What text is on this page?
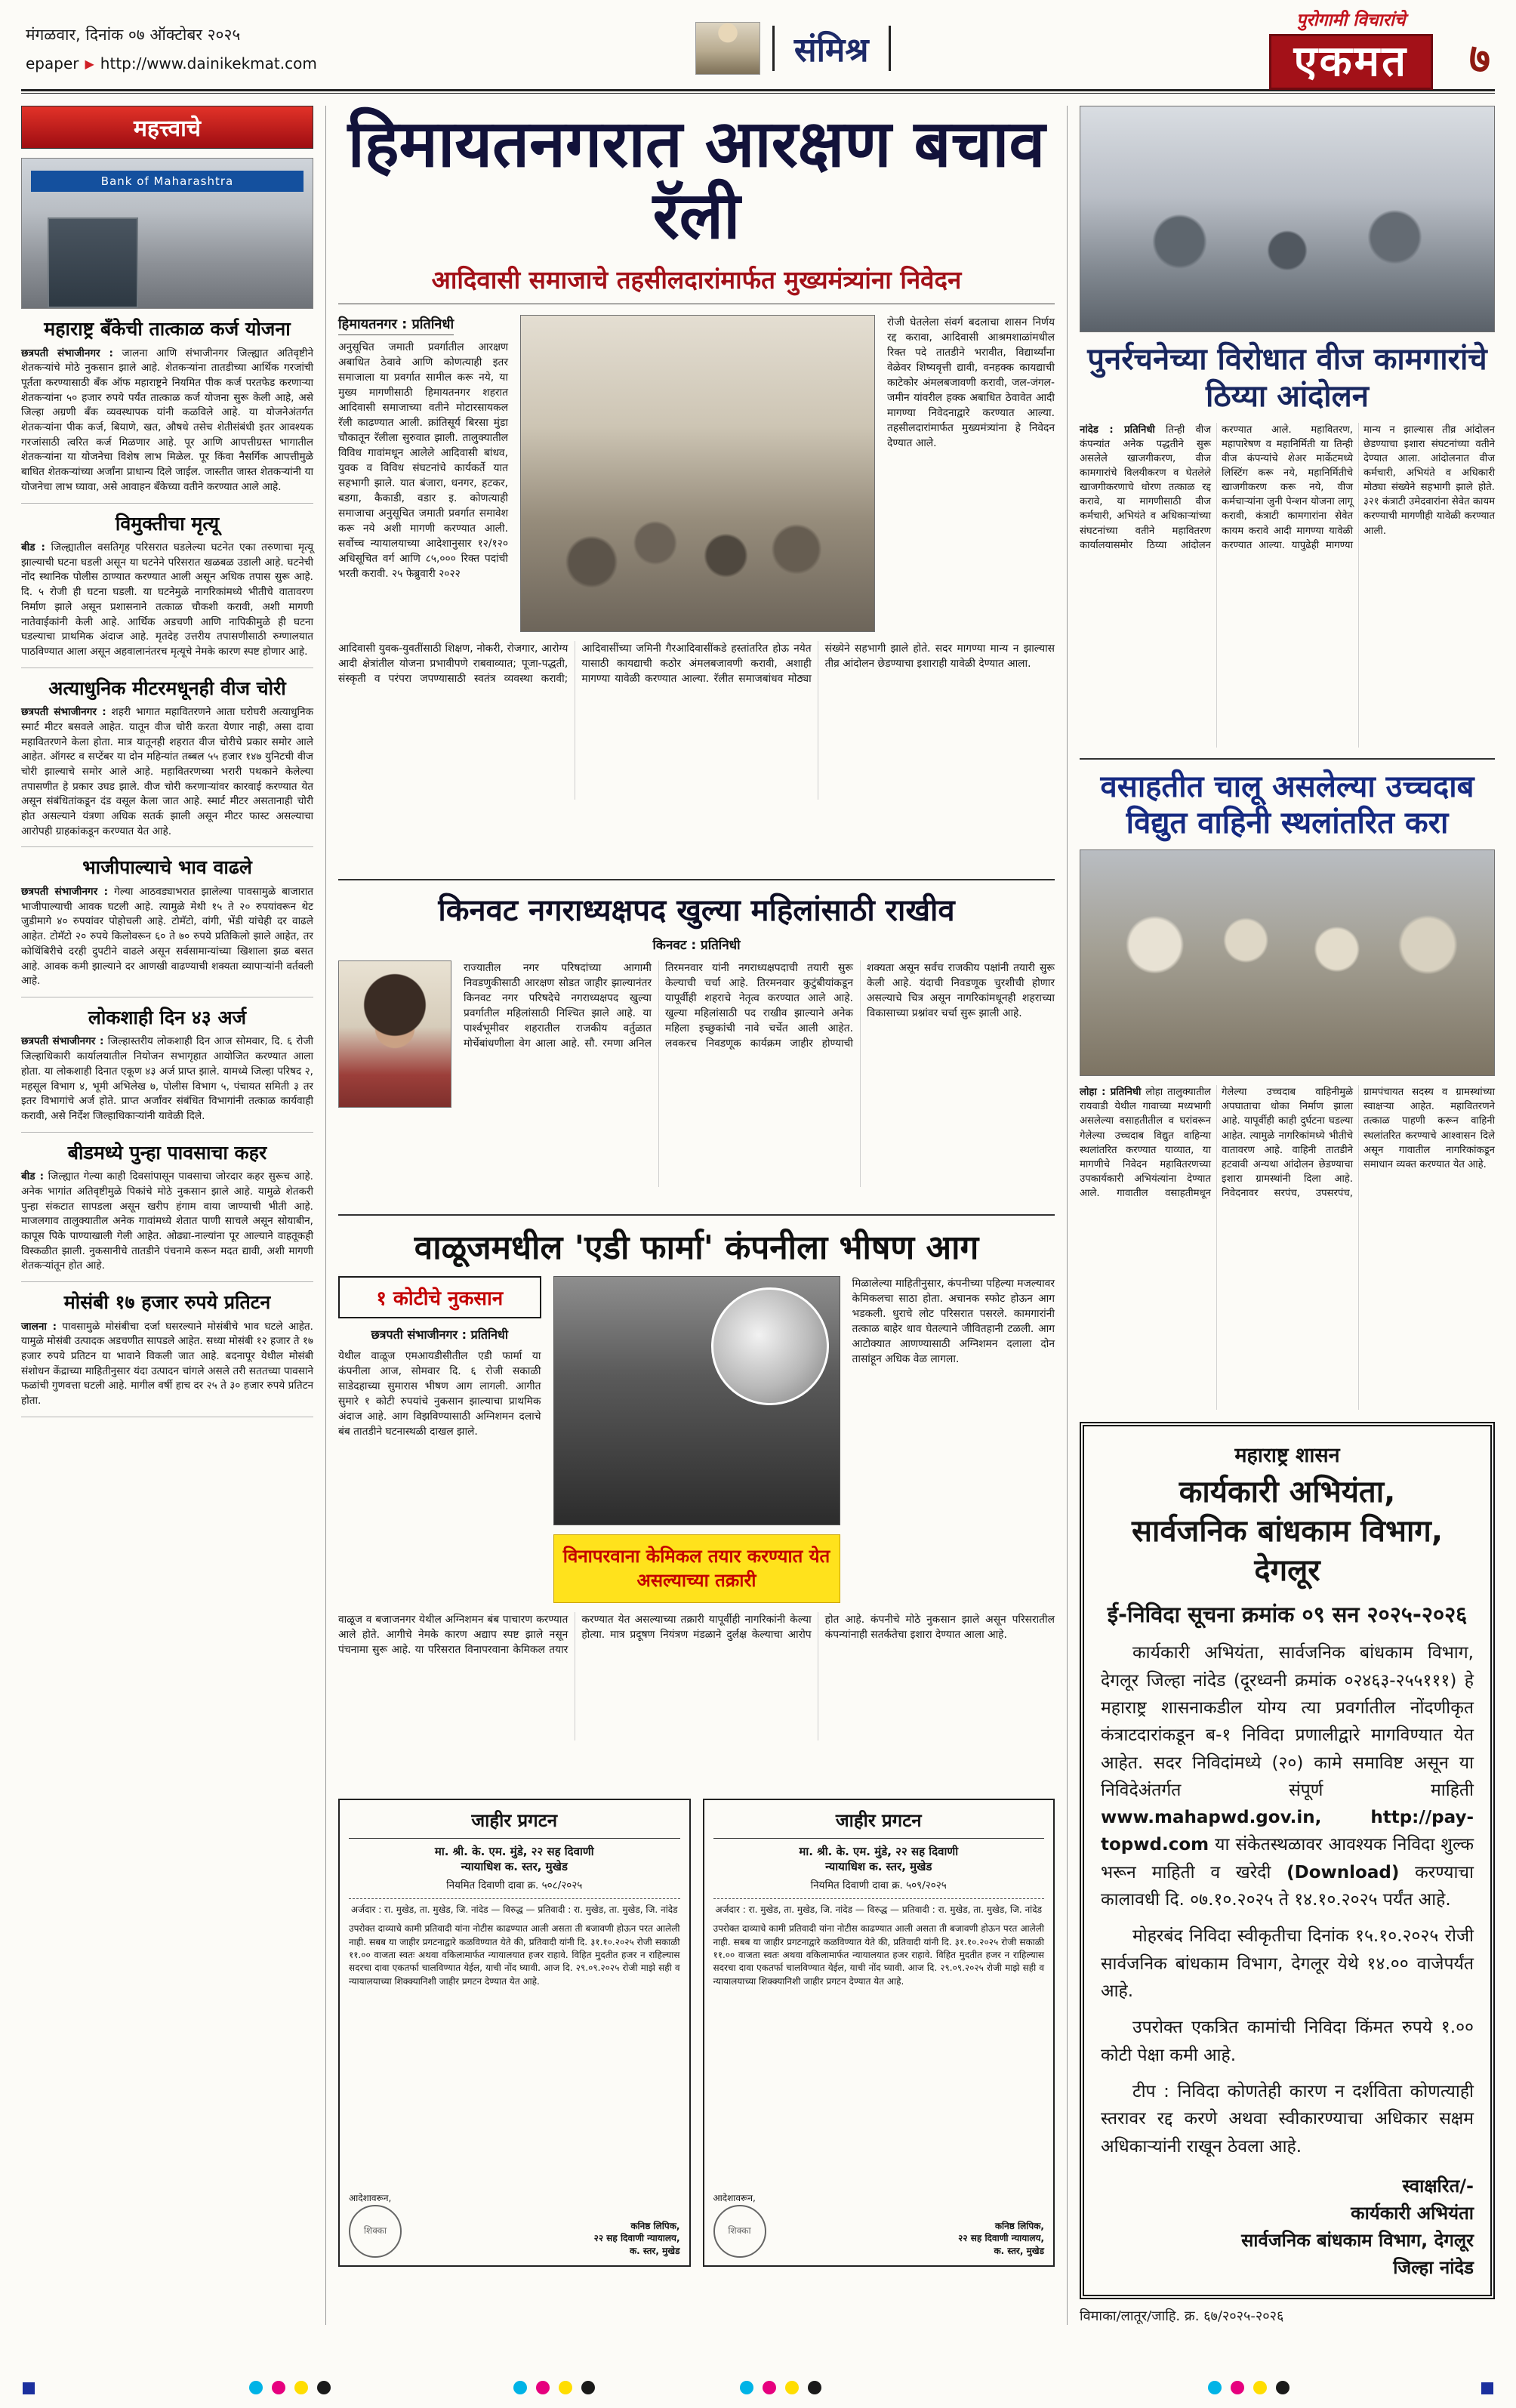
मंगळवार, दिनांक ०७ ऑक्टोबर २०२५
epaper ▶ http://www.dainikekmat.com	संमिश्र
पुरोगामी विचारांचे
एकमत	७
महत्त्वाचे
Bank of Maharashtra
महाराष्ट्र बँकेची तात्काळ कर्ज योजना

छत्रपती संभाजीनगर : जालना आणि संभाजीनगर जिल्ह्यात अतिवृष्टीने शेतकऱ्यांचे मोठे नुकसान झाले आहे. शेतकऱ्यांना तातडीच्या आर्थिक गरजांची पूर्तता करण्यासाठी बँक ऑफ महाराष्ट्रने नियमित पीक कर्ज परतफेड करणाऱ्या शेतकऱ्यांना ५० हजार रुपये पर्यंत तात्काळ कर्ज योजना सुरू केली आहे, असे जिल्हा अग्रणी बँक व्यवस्थापक यांनी कळविले आहे. या योजनेअंतर्गत शेतकऱ्यांना पीक कर्ज, बियाणे, खत, औषधे तसेच शेतीसंबंधी इतर आवश्यक गरजांसाठी त्वरित कर्ज मिळणार आहे. पूर आणि आपत्तीग्रस्त भागातील शेतकऱ्यांना या योजनेचा विशेष लाभ मिळेल. पूर किंवा नैसर्गिक आपत्तीमुळे बाधित शेतकऱ्यांच्या अर्जांना प्राधान्य दिले जाईल. जास्तीत जास्त शेतकऱ्यांनी या योजनेचा लाभ घ्यावा, असे आवाहन बँकेच्या वतीने करण्यात आले आहे.

विमुक्तीचा मृत्यू

बीड : जिल्ह्यातील वसतिगृह परिसरात घडलेल्या घटनेत एका तरुणाचा मृत्यू झाल्याची घटना घडली असून या घटनेने परिसरात खळबळ उडाली आहे. घटनेची नोंद स्थानिक पोलीस ठाण्यात करण्यात आली असून अधिक तपास सुरू आहे. दि. ५ रोजी ही घटना घडली. या घटनेमुळे नागरिकांमध्ये भीतीचे वातावरण निर्माण झाले असून प्रशासनाने तत्काळ चौकशी करावी, अशी मागणी नातेवाईकांनी केली आहे. आर्थिक अडचणी आणि नापिकीमुळे ही घटना घडल्याचा प्राथमिक अंदाज आहे. मृतदेह उत्तरीय तपासणीसाठी रुग्णालयात पाठविण्यात आला असून अहवालानंतरच मृत्यूचे नेमके कारण स्पष्ट होणार आहे.

अत्याधुनिक मीटरमधूनही वीज चोरी

छत्रपती संभाजीनगर : शहरी भागात महावितरणने आता घरोघरी अत्याधुनिक स्मार्ट मीटर बसवले आहेत. यातून वीज चोरी करता येणार नाही, असा दावा महावितरणने केला होता. मात्र यातूनही शहरात वीज चोरीचे प्रकार समोर आले आहेत. ऑगस्ट व सप्टेंबर या दोन महिन्यांत तब्बल ५५ हजार १४७ युनिटची वीज चोरी झाल्याचे समोर आले आहे. महावितरणच्या भरारी पथकाने केलेल्या तपासणीत हे प्रकार उघड झाले. वीज चोरी करणाऱ्यांवर कारवाई करण्यात येत असून संबंधितांकडून दंड वसूल केला जात आहे. स्मार्ट मीटर असतानाही चोरी होत असल्याने यंत्रणा अधिक सतर्क झाली असून मीटर फास्ट असल्याचा आरोपही ग्राहकांकडून करण्यात येत आहे.

भाजीपाल्याचे भाव वाढले

छत्रपती संभाजीनगर : गेल्या आठवड्याभरात झालेल्या पावसामुळे बाजारात भाजीपाल्याची आवक घटली आहे. त्यामुळे मेथी १५ ते २० रुपयांवरून थेट जुडीमागे ४० रुपयांवर पोहोचली आहे. टोमॅटो, वांगी, भेंडी यांचेही दर वाढले आहेत. टोमॅटो २० रुपये किलोवरून ६० ते ७० रुपये प्रतिकिलो झाले आहेत, तर कोथिंबिरीचे दरही दुपटीने वाढले असून सर्वसामान्यांच्या खिशाला झळ बसत आहे. आवक कमी झाल्याने दर आणखी वाढण्याची शक्यता व्यापाऱ्यांनी वर्तवली आहे.

लोकशाही दिन ४३ अर्ज

छत्रपती संभाजीनगर : जिल्हास्तरीय लोकशाही दिन आज सोमवार, दि. ६ रोजी जिल्हाधिकारी कार्यालयातील नियोजन सभागृहात आयोजित करण्यात आला होता. या लोकशाही दिनात एकूण ४३ अर्ज प्राप्त झाले. यामध्ये जिल्हा परिषद २, महसूल विभाग ४, भूमी अभिलेख ७, पोलीस विभाग ५, पंचायत समिती ३ तर इतर विभागांचे अर्ज होते. प्राप्त अर्जांवर संबंधित विभागांनी तत्काळ कार्यवाही करावी, असे निर्देश जिल्हाधिकाऱ्यांनी यावेळी दिले.

बीडमध्ये पुन्हा पावसाचा कहर

बीड : जिल्ह्यात गेल्या काही दिवसांपासून पावसाचा जोरदार कहर सुरूच आहे. अनेक भागांत अतिवृष्टीमुळे पिकांचे मोठे नुकसान झाले आहे. यामुळे शेतकरी पुन्हा संकटात सापडला असून खरीप हंगाम वाया जाण्याची भीती आहे. माजलगाव तालुक्यातील अनेक गावांमध्ये शेतात पाणी साचले असून सोयाबीन, कापूस पिके पाण्याखाली गेली आहेत. ओढ्या-नाल्यांना पूर आल्याने वाहतूकही विस्कळीत झाली. नुकसानीचे तातडीने पंचनामे करून मदत द्यावी, अशी मागणी शेतकऱ्यांतून होत आहे.

मोसंबी १७ हजार रुपये प्रतिटन

जालना : पावसामुळे मोसंबीचा दर्जा घसरल्याने मोसंबीचे भाव घटले आहेत. यामुळे मोसंबी उत्पादक अडचणीत सापडले आहेत. सध्या मोसंबी १२ हजार ते १७ हजार रुपये प्रतिटन या भावाने विकली जात आहे. बदनापूर येथील मोसंबी संशोधन केंद्राच्या माहितीनुसार यंदा उत्पादन चांगले असले तरी सततच्या पावसाने फळांची गुणवत्ता घटली आहे. मागील वर्षी हाच दर २५ ते ३० हजार रुपये प्रतिटन होता.

हिमायतनगरात आरक्षण बचाव रॅली
आदिवासी समाजाचे तहसीलदारांमार्फत मुख्यमंत्र्यांना निवेदन
हिमायतनगर : प्रतिनिधी

अनुसूचित जमाती प्रवर्गातील आरक्षण अबाधित ठेवावे आणि कोणत्याही इतर समाजाला या प्रवर्गात सामील करू नये, या मुख्य मागणीसाठी हिमायतनगर शहरात आदिवासी समाजाच्या वतीने मोटारसायकल रॅली काढण्यात आली. क्रांतिसूर्य बिरसा मुंडा चौकातून रॅलीला सुरुवात झाली. तालुक्यातील विविध गावांमधून आलेले आदिवासी बांधव, युवक व विविध संघटनांचे कार्यकर्ते यात सहभागी झाले. यात बंजारा, धनगर, हटकर, बडगा, कैकाडी, वडार इ. कोणत्याही समाजाचा अनुसूचित जमाती प्रवर्गात समावेश करू नये अशी मागणी करण्यात आली. सर्वोच्च न्यायालयाच्या आदेशानुसार १२/१२० अधिसूचित वर्ग आणि ८५,००० रिक्त पदांची भरती करावी. २५ फेब्रुवारी २०२२

रोजी घेतलेला संवर्ग बदलाचा शासन निर्णय रद्द करावा, आदिवासी आश्रमशाळांमधील रिक्त पदे तातडीने भरावीत, विद्यार्थ्यांना वेळेवर शिष्यवृत्ती द्यावी, वनहक्क कायद्याची काटेकोर अंमलबजावणी करावी, जल-जंगल-जमीन यांवरील हक्क अबाधित ठेवावेत आदी मागण्या निवेदनाद्वारे करण्यात आल्या. तहसीलदारांमार्फत मुख्यमंत्र्यांना हे निवेदन देण्यात आले.

आदिवासी युवक-युवतींसाठी शिक्षण, नोकरी, रोजगार, आरोग्य आदी क्षेत्रांतील योजना प्रभावीपणे राबवाव्यात; पूजा-पद्धती, संस्कृती व परंपरा जपण्यासाठी स्वतंत्र व्यवस्था करावी; आदिवासींच्या जमिनी गैरआदिवासींकडे हस्तांतरित होऊ नयेत यासाठी कायद्याची कठोर अंमलबजावणी करावी, अशाही मागण्या यावेळी करण्यात आल्या. रॅलीत समाजबांधव मोठ्या संख्येने सहभागी झाले होते. सदर मागण्या मान्य न झाल्यास तीव्र आंदोलन छेडण्याचा इशाराही यावेळी देण्यात आला.
किनवट नगराध्यक्षपद खुल्या महिलांसाठी राखीव
किनवट : प्रतिनिधी
राज्यातील नगर परिषदांच्या आगामी निवडणुकीसाठी आरक्षण सोडत जाहीर झाल्यानंतर किनवट नगर परिषदेचे नगराध्यक्षपद खुल्या प्रवर्गातील महिलांसाठी निश्चित झाले आहे. या पार्श्वभूमीवर शहरातील राजकीय वर्तुळात मोर्चेबांधणीला वेग आला आहे. सौ. रमणा अनिल तिरमनवार यांनी नगराध्यक्षपदाची तयारी सुरू केल्याची चर्चा आहे. तिरमनवार कुटुंबीयांकडून यापूर्वीही शहराचे नेतृत्व करण्यात आले आहे. खुल्या महिलांसाठी पद राखीव झाल्याने अनेक महिला इच्छुकांची नावे चर्चेत आली आहेत. लवकरच निवडणूक कार्यक्रम जाहीर होण्याची शक्यता असून सर्वच राजकीय पक्षांनी तयारी सुरू केली आहे. यंदाची निवडणूक चुरशीची होणार असल्याचे चित्र असून नागरिकांमधूनही शहराच्या विकासाच्या प्रश्नांवर चर्चा सुरू झाली आहे.
वाळूजमधील 'एडी फार्मा' कंपनीला भीषण आग
१ कोटीचे नुकसान
छत्रपती संभाजीनगर : प्रतिनिधी

येथील वाळूज एमआयडीसीतील एडी फार्मा या कंपनीला आज, सोमवार दि. ६ रोजी सकाळी साडेदहाच्या सुमारास भीषण आग लागली. आगीत सुमारे १ कोटी रुपयांचे नुकसान झाल्याचा प्राथमिक अंदाज आहे. आग विझविण्यासाठी अग्निशमन दलाचे बंब तातडीने घटनास्थळी दाखल झाले.

विनापरवाना केमिकल तयार करण्यात येत असल्याच्या तक्रारी

मिळालेल्या माहितीनुसार, कंपनीच्या पहिल्या मजल्यावर केमिकलचा साठा होता. अचानक स्फोट होऊन आग भडकली. धुराचे लोट परिसरात पसरले. कामगारांनी तत्काळ बाहेर धाव घेतल्याने जीवितहानी टळली. आग आटोक्यात आणण्यासाठी अग्निशमन दलाला दोन तासांहून अधिक वेळ लागला.

वाळूज व बजाजनगर येथील अग्निशमन बंब पाचारण करण्यात आले होते. आगीचे नेमके कारण अद्याप स्पष्ट झाले नसून पंचनामा सुरू आहे. या परिसरात विनापरवाना केमिकल तयार करण्यात येत असल्याच्या तक्रारी यापूर्वीही नागरिकांनी केल्या होत्या. मात्र प्रदूषण नियंत्रण मंडळाने दुर्लक्ष केल्याचा आरोप होत आहे. कंपनीचे मोठे नुकसान झाले असून परिसरातील कंपन्यांनाही सतर्कतेचा इशारा देण्यात आला आहे.
जाहीर प्रगटन
मा. श्री. के. एम. मुंडे, २२ सह दिवाणी
न्यायाधिश क. स्तर, मुखेड
नियमित दिवाणी दावा क्र. ५०८/२०२५
अर्जदार : रा. मुखेड, ता. मुखेड, जि. नांदेड — विरुद्ध — प्रतिवादी : रा. मुखेड, ता. मुखेड, जि. नांदेड
उपरोक्त दाव्याचे कामी प्रतिवादी यांना नोटीस काढण्यात आली असता ती बजावणी होऊन परत आलेली नाही. सबब या जाहीर प्रगटनाद्वारे कळविण्यात येते की, प्रतिवादी यांनी दि. ३१.१०.२०२५ रोजी सकाळी ११.०० वाजता स्वतः अथवा वकिलामार्फत न्यायालयात हजर राहावे. विहित मुदतीत हजर न राहिल्यास सदरचा दावा एकतर्फा चालविण्यात येईल, याची नोंद घ्यावी. आज दि. २९.०९.२०२५ रोजी माझे सही व न्यायालयाच्या शिक्क्यानिशी जाहीर प्रगटन देण्यात येत आहे.
आदेशावरून,
शिक्का	कनिष्ठ लिपिक,
२२ सह दिवाणी न्यायालय,
क. स्तर, मुखेड
जाहीर प्रगटन
मा. श्री. के. एम. मुंडे, २२ सह दिवाणी
न्यायाधिश क. स्तर, मुखेड
नियमित दिवाणी दावा क्र. ५०९/२०२५
अर्जदार : रा. मुखेड, ता. मुखेड, जि. नांदेड — विरुद्ध — प्रतिवादी : रा. मुखेड, ता. मुखेड, जि. नांदेड
उपरोक्त दाव्याचे कामी प्रतिवादी यांना नोटीस काढण्यात आली असता ती बजावणी होऊन परत आलेली नाही. सबब या जाहीर प्रगटनाद्वारे कळविण्यात येते की, प्रतिवादी यांनी दि. ३१.१०.२०२५ रोजी सकाळी ११.०० वाजता स्वतः अथवा वकिलामार्फत न्यायालयात हजर राहावे. विहित मुदतीत हजर न राहिल्यास सदरचा दावा एकतर्फा चालविण्यात येईल, याची नोंद घ्यावी. आज दि. २९.०९.२०२५ रोजी माझे सही व न्यायालयाच्या शिक्क्यानिशी जाहीर प्रगटन देण्यात येत आहे.
आदेशावरून,
शिक्का	कनिष्ठ लिपिक,
२२ सह दिवाणी न्यायालय,
क. स्तर, मुखेड
पुनर्रचनेच्या विरोधात वीज कामगारांचे ठिय्या आंदोलन
नांदेड : प्रतिनिधी तिन्ही वीज कंपन्यांत अनेक पद्धतीने सुरू असलेले खाजगीकरण, वीज कामगारांचे विलयीकरण व घेतलेले खाजगीकरणाचे धोरण तत्काळ रद्द करावे, या मागणीसाठी वीज कर्मचारी, अभियंते व अधिकाऱ्यांच्या संघटनांच्या वतीने महावितरण कार्यालयासमोर ठिय्या आंदोलन करण्यात आले. महावितरण, महापारेषण व महानिर्मिती या तिन्ही वीज कंपन्यांचे शेअर मार्केटमध्ये लिस्टिंग करू नये, महानिर्मितीचे खाजगीकरण करू नये, वीज कर्मचाऱ्यांना जुनी पेन्शन योजना लागू करावी, कंत्राटी कामगारांना सेवेत कायम करावे आदी मागण्या यावेळी करण्यात आल्या. यापुढेही मागण्या मान्य न झाल्यास तीव्र आंदोलन छेडण्याचा इशारा संघटनांच्या वतीने देण्यात आला. आंदोलनात वीज कर्मचारी, अभियंते व अधिकारी मोठ्या संख्येने सहभागी झाले होते. ३२१ कंत्राटी उमेदवारांना सेवेत कायम करण्याची मागणीही यावेळी करण्यात आली.
वसाहतीत चालू असलेल्या उच्चदाब विद्युत वाहिनी स्थलांतरित करा
लोहा : प्रतिनिधी लोहा तालुक्यातील रायवाडी येथील गावाच्या मध्यभागी असलेल्या वसाहतीतील व घरांवरून गेलेल्या उच्चदाब विद्युत वाहिन्या स्थलांतरित करण्यात याव्यात, या मागणीचे निवेदन महावितरणच्या उपकार्यकारी अभियंत्यांना देण्यात आले. गावातील वसाहतीमधून गेलेल्या उच्चदाब वाहिनीमुळे अपघाताचा धोका निर्माण झाला आहे. यापूर्वीही काही दुर्घटना घडल्या आहेत. त्यामुळे नागरिकांमध्ये भीतीचे वातावरण आहे. वाहिनी तातडीने हटवावी अन्यथा आंदोलन छेडण्याचा इशारा ग्रामस्थांनी दिला आहे. निवेदनावर सरपंच, उपसरपंच, ग्रामपंचायत सदस्य व ग्रामस्थांच्या स्वाक्षऱ्या आहेत. महावितरणने तत्काळ पाहणी करून वाहिनी स्थलांतरित करण्याचे आश्वासन दिले असून गावातील नागरिकांकडून समाधान व्यक्त करण्यात येत आहे.
महाराष्ट्र शासन
कार्यकारी अभियंता,
सार्वजनिक बांधकाम विभाग, देगलूर
ई-निविदा सूचना क्रमांक ०९ सन २०२५-२०२६

कार्यकारी अभियंता, सार्वजनिक बांधकाम विभाग, देगलूर जिल्हा नांदेड (दूरध्वनी क्रमांक ०२४६३-२५५१११) हे महाराष्ट्र शासनाकडील योग्य त्या प्रवर्गातील नोंदणीकृत कंत्राटदारांकडून ब-१ निविदा प्रणालीद्वारे मागविण्यात येत आहेत. सदर निविदांमध्ये (२०) कामे समाविष्ट असून या निविदेअंतर्गत संपूर्ण माहिती www.mahapwd.gov.in, http://pay-topwd.com या संकेतस्थळावर आवश्यक निविदा शुल्क भरून माहिती व खरेदी (Download) करण्याचा कालावधी दि. ०७.१०.२०२५ ते १४.१०.२०२५ पर्यंत आहे.

मोहरबंद निविदा स्वीकृतीचा दिनांक १५.१०.२०२५ रोजी सार्वजनिक बांधकाम विभाग, देगलूर येथे १४.०० वाजेपर्यंत आहे.

उपरोक्त एकत्रित कामांची निविदा किंमत रुपये १.०० कोटी पेक्षा कमी आहे.

टीप : निविदा कोणतेही कारण न दर्शविता कोणत्याही स्तरावर रद्द करणे अथवा स्वीकारण्याचा अधिकार सक्षम अधिकाऱ्यांनी राखून ठेवला आहे.

स्वाक्षरित/-
कार्यकारी अभियंता
सार्वजनिक बांधकाम विभाग, देगलूर
जिल्हा नांदेड
विमाका/लातूर/जाहि. क्र. ६७/२०२५-२०२६
